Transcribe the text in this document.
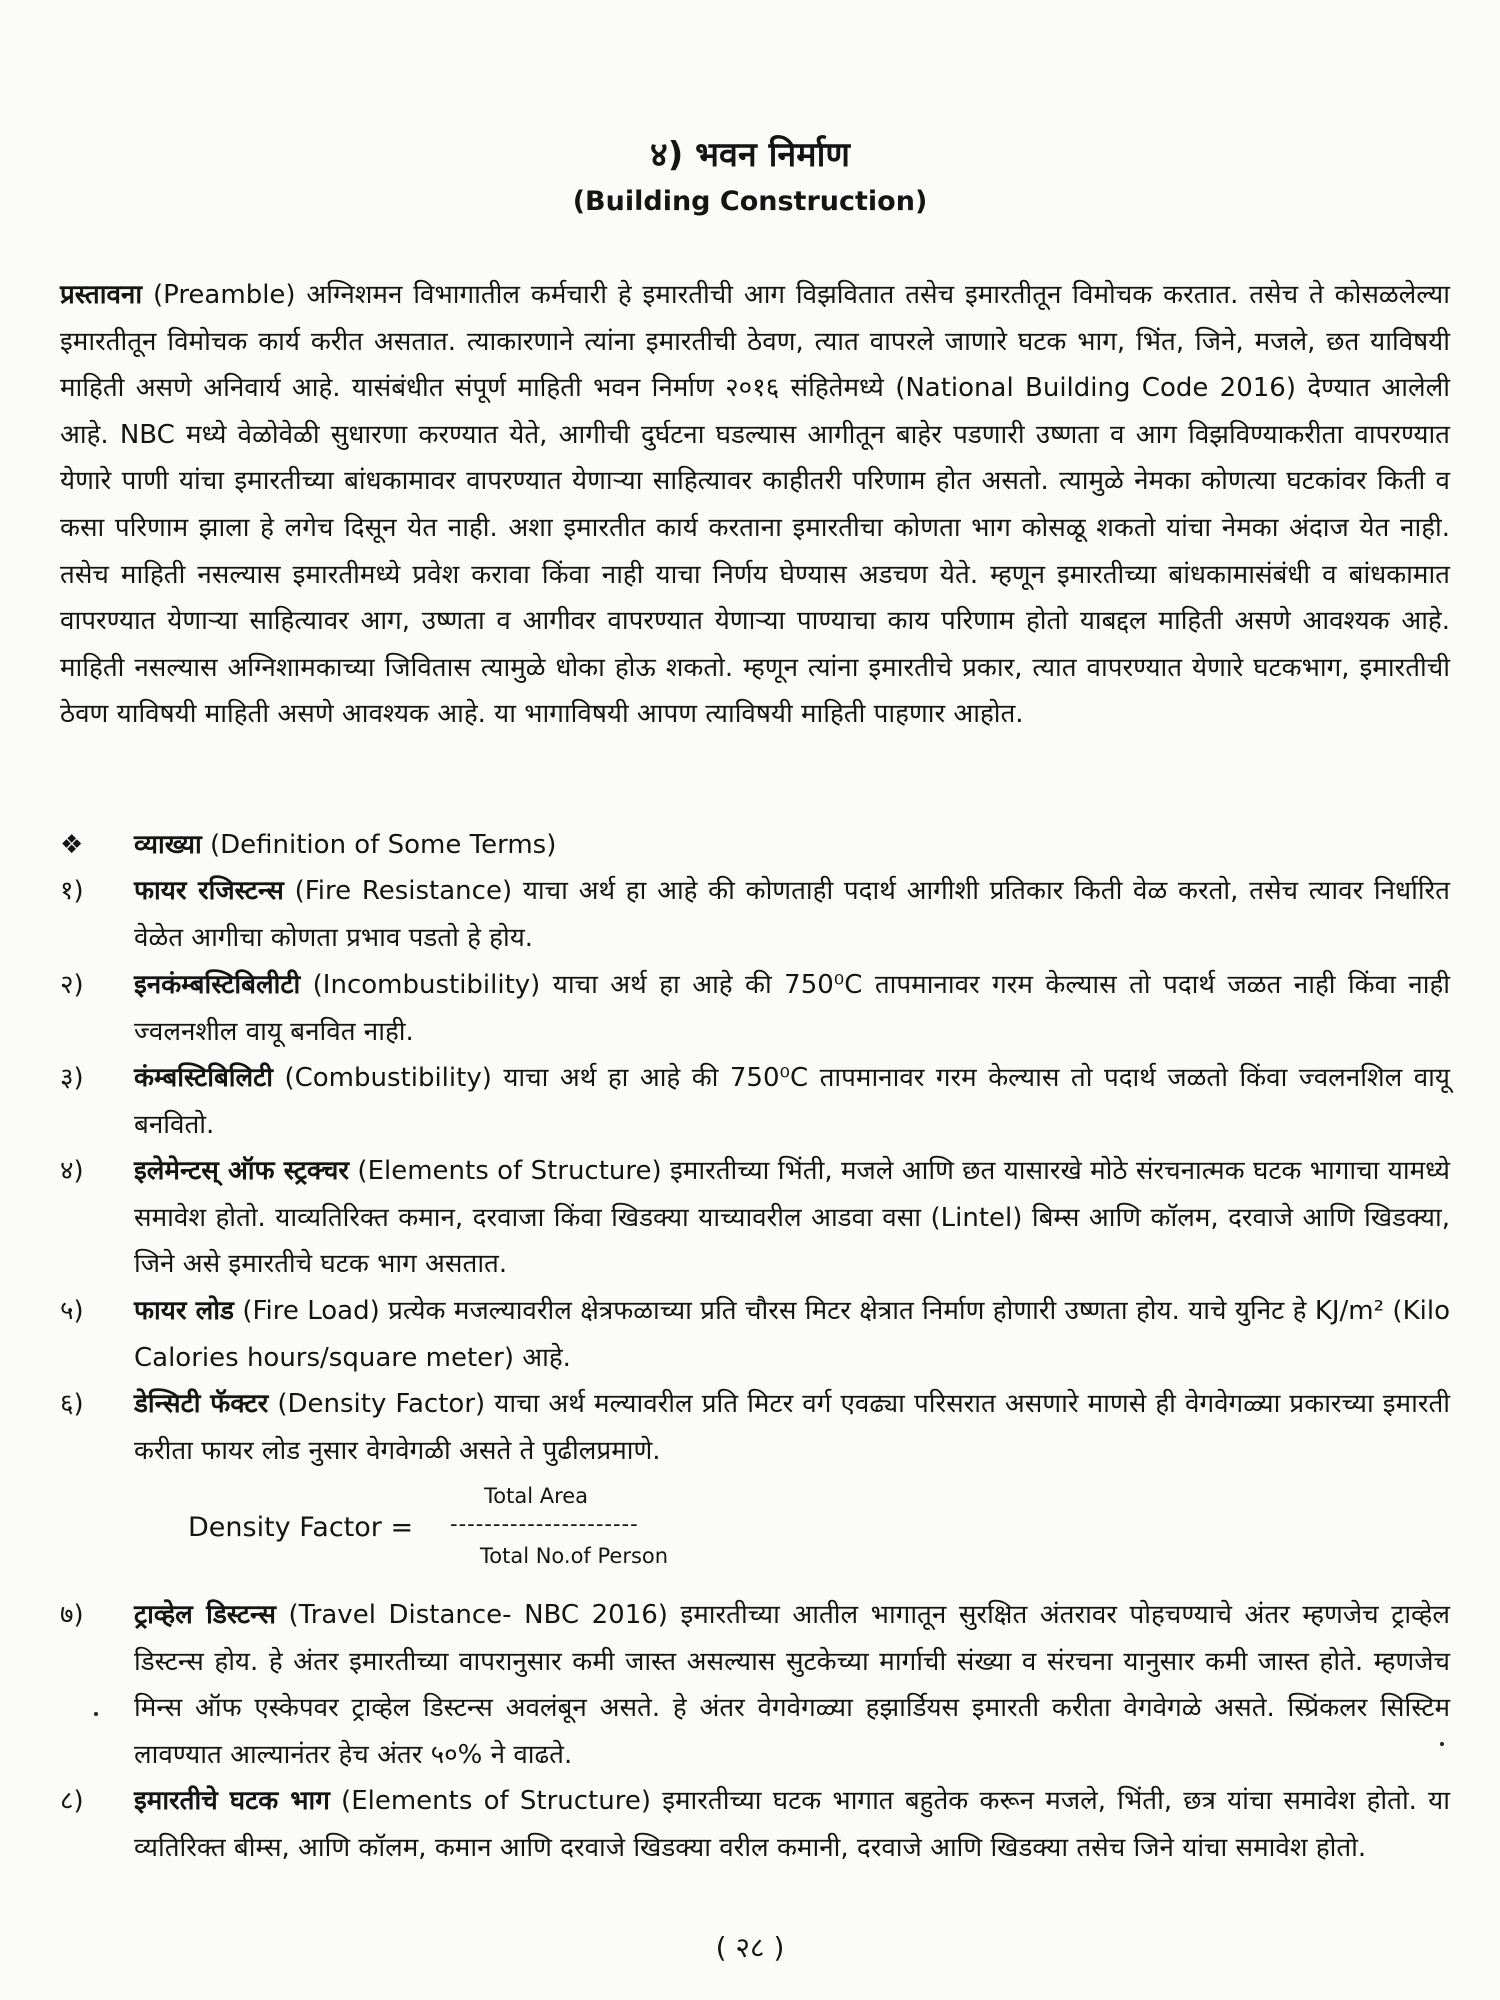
४) भवन निर्माण
(Building Construction)

प्रस्तावना (Preamble) अग्निशमन विभागातील कर्मचारी हे इमारतीची आग विझवितात तसेच इमारतीतून विमोचक करतात. तसेच ते कोसळलेल्या इमारतीतून विमोचक कार्य करीत असतात. त्याकारणाने त्यांना इमारतीची ठेवण, त्यात वापरले जाणारे घटक भाग, भिंत, जिने, मजले, छत याविषयी माहिती असणे अनिवार्य आहे. यासंबंधीत संपूर्ण माहिती भवन निर्माण २०१६ संहितेमध्ये (National Building Code 2016) देण्यात आलेली आहे. NBC मध्ये वेळोवेळी सुधारणा करण्यात येते, आगीची दुर्घटना घडल्यास आगीतून बाहेर पडणारी उष्णता व आग विझविण्याकरीता वापरण्यात येणारे पाणी यांचा इमारतीच्या बांधकामावर वापरण्यात येणाऱ्या साहित्यावर काहीतरी परिणाम होत असतो. त्यामुळे नेमका कोणत्या घटकांवर किती व कसा परिणाम झाला हे लगेच दिसून येत नाही. अशा इमारतीत कार्य करताना इमारतीचा कोणता भाग कोसळू शकतो यांचा नेमका अंदाज येत नाही. तसेच माहिती नसल्यास इमारतीमध्ये प्रवेश करावा किंवा नाही याचा निर्णय घेण्यास अडचण येते. म्हणून इमारतीच्या बांधकामासंबंधी व बांधकामात वापरण्यात येणाऱ्या साहित्यावर आग, उष्णता व आगीवर वापरण्यात येणाऱ्या पाण्याचा काय परिणाम होतो याबद्दल माहिती असणे आवश्यक आहे. माहिती नसल्यास अग्निशामकाच्या जिवितास त्यामुळे धोका होऊ शकतो. म्हणून त्यांना इमारतीचे प्रकार, त्यात वापरण्यात येणारे घटकभाग, इमारतीची ठेवण याविषयी माहिती असणे आवश्यक आहे. या भागाविषयी आपण त्याविषयी माहिती पाहणार आहोत.

❖ व्याख्या (Definition of Some Terms)
१)	फायर रजिस्टन्स (Fire Resistance) याचा अर्थ हा आहे की कोणताही पदार्थ आगीशी प्रतिकार किती वेळ करतो, तसेच त्यावर निर्धारित वेळेत आगीचा कोणता प्रभाव पडतो हे होय.
२)	इनकंम्बस्टिबिलीटी (Incombustibility) याचा अर्थ हा आहे की 750⁰C तापमानावर गरम केल्यास तो पदार्थ जळत नाही किंवा नाही ज्वलनशील वायू बनवित नाही.
३)	कंम्बस्टिबिलिटी (Combustibility) याचा अर्थ हा आहे की 750⁰C तापमानावर गरम केल्यास तो पदार्थ जळतो किंवा ज्वलनशिल वायू बनवितो.
४)	इलेमेन्टस् ऑफ स्ट्रक्चर (Elements of Structure) इमारतीच्या भिंती, मजले आणि छत यासारखे मोठे संरचनात्मक घटक भागाचा यामध्ये समावेश होतो. याव्यतिरिक्त कमान, दरवाजा किंवा खिडक्या याच्यावरील आडवा वसा (Lintel) बिम्स आणि कॉलम, दरवाजे आणि खिडक्या, जिने असे इमारतीचे घटक भाग असतात.
५)	फायर लोड (Fire Load) प्रत्येक मजल्यावरील क्षेत्रफळाच्या प्रति चौरस मिटर क्षेत्रात निर्माण होणारी उष्णता होय. याचे युनिट हे KJ/m² (Kilo Calories hours/square meter) आहे.
६)	डेन्सिटी फॅक्टर (Density Factor) याचा अर्थ मल्यावरील प्रति मिटर वर्ग एवढ्या परिसरात असणारे माणसे ही वेगवेगळ्या प्रकारच्या इमारती करीता फायर लोड नुसार वेगवेगळी असते ते पुढीलप्रमाणे.
Density Factor =
Total Area
----------------------
Total No.of Person
७)	ट्राव्हेल डिस्टन्स (Travel Distance- NBC 2016) इमारतीच्या आतील भागातून सुरक्षित अंतरावर पोहचण्याचे अंतर म्हणजेच ट्राव्हेल डिस्टन्स होय. हे अंतर इमारतीच्या वापरानुसार कमी जास्त असल्यास सुटकेच्या मार्गाची संख्या व संरचना यानुसार कमी जास्त होते. म्हणजेच मिन्स ऑफ एस्केपवर ट्राव्हेल डिस्टन्स अवलंबून असते. हे अंतर वेगवेगळ्या हझार्डियस इमारती करीता वेगवेगळे असते. स्प्रिंकलर सिस्टिम लावण्यात आल्यानंतर हेच अंतर ५०% ने वाढते.
८)	इमारतीचे घटक भाग (Elements of Structure) इमारतीच्या घटक भागात बहुतेक करून मजले, भिंती, छत्र यांचा समावेश होतो. या व्यतिरिक्त बीम्स, आणि कॉलम, कमान आणि दरवाजे खिडक्या वरील कमानी, दरवाजे आणि खिडक्या तसेच जिने यांचा समावेश होतो.
( २८ )
